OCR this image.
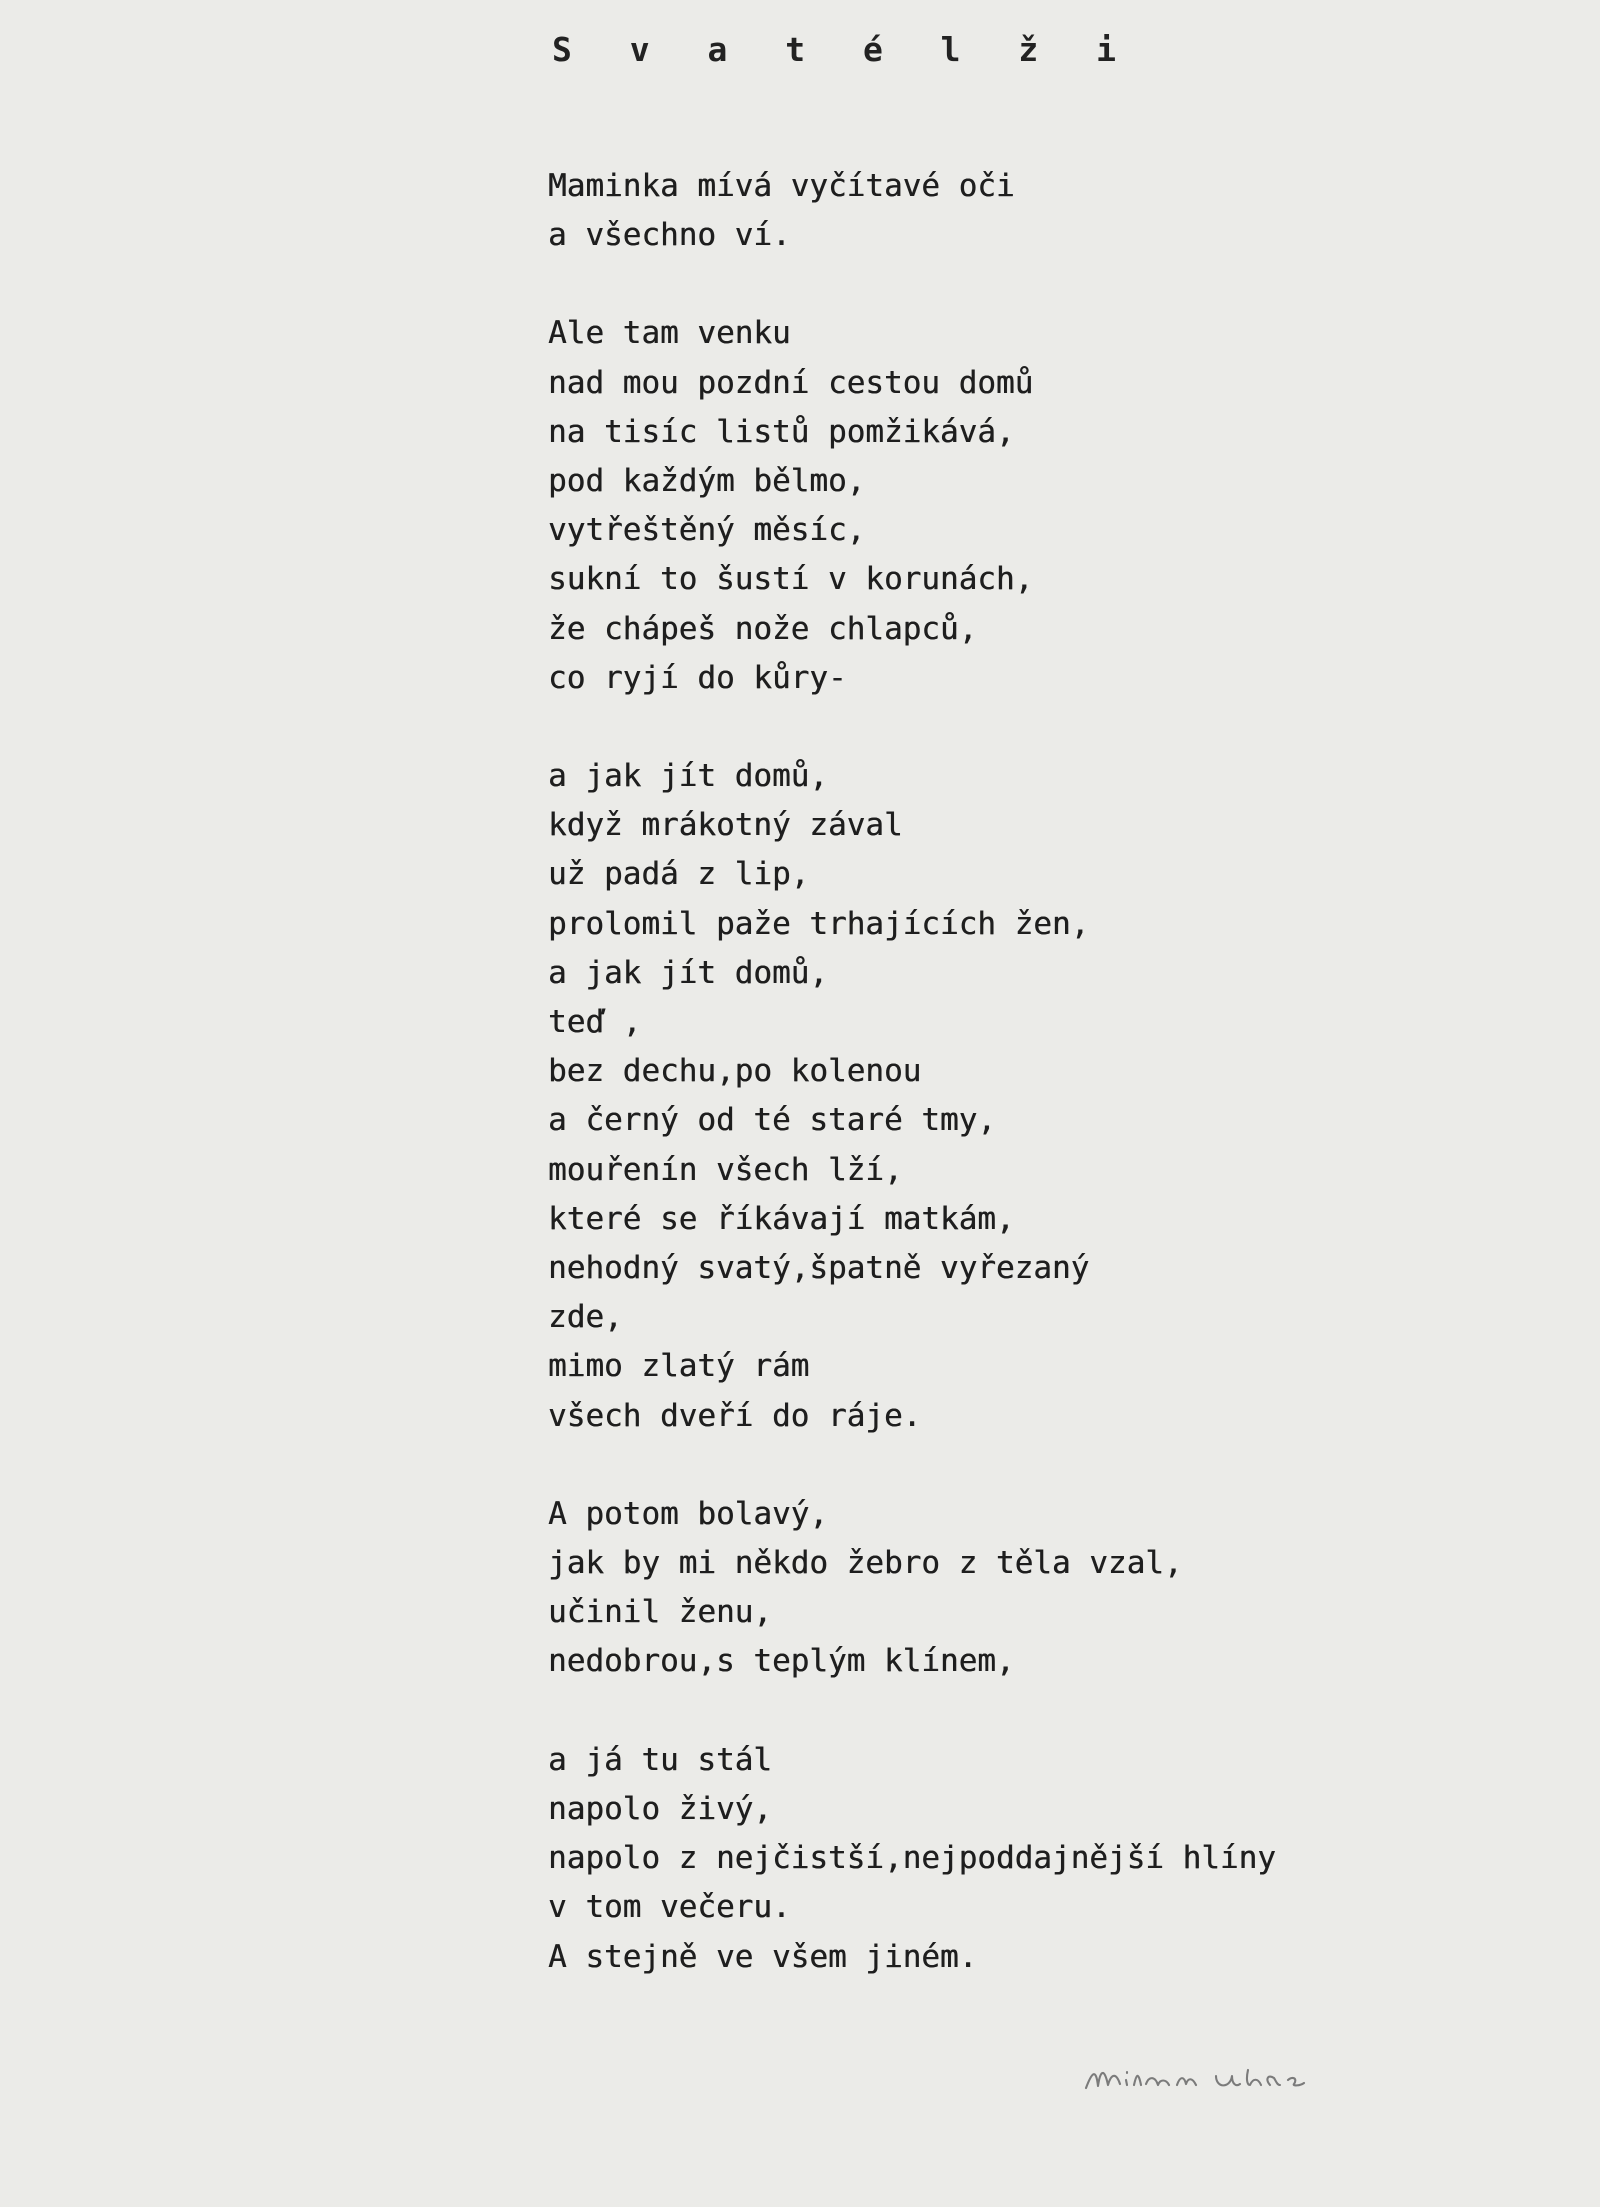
S v a t é l ž i
Maminka mívá vyčítavé oči
a všechno ví.
Ale tam venku
nad mou pozdní cestou domů
na tisíc listů pomžikává,
pod každým bělmo,
vytřeštěný měsíc,
sukní to šustí v korunách,
že chápeš nože chlapců,
co ryjí do kůry-
a jak jít domů,
když mrákotný zával
už padá z lip,
prolomil paže trhajících žen,
a jak jít domů,
teď ,
bez dechu,po kolenou
a černý od té staré tmy,
mouřenín všech lží,
které se říkávají matkám,
nehodný svatý,špatně vyřezaný
zde,
mimo zlatý rám
všech dveří do ráje.
A potom bolavý,
jak by mi někdo žebro z těla vzal,
učinil ženu,
nedobrou,s teplým klínem,
a já tu stál
napolo živý,
napolo z nejčistší,nejpoddajnější hlíny
v tom večeru.
A stejně ve všem jiném.
